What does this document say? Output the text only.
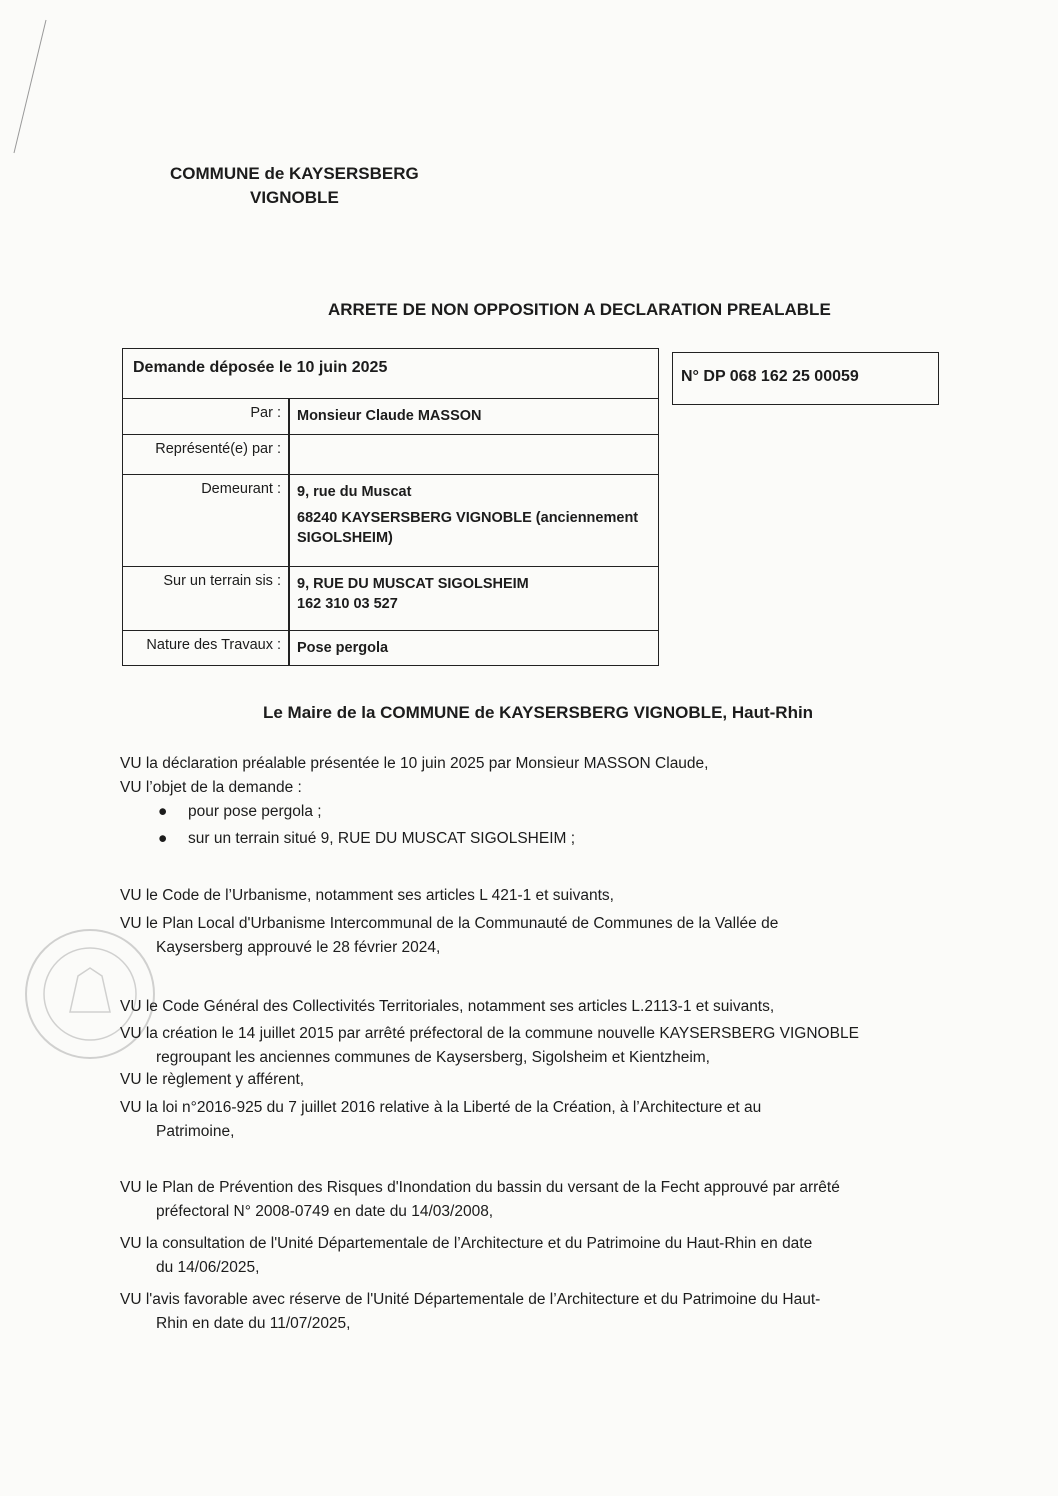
COMMUNE de KAYSERSBERG
VIGNOBLE
ARRETE DE NON OPPOSITION A DECLARATION PREALABLE
Demande déposée le 10 juin 2025
Par : Monsieur Claude MASSON
Représenté(e) par :
Demeurant : 9, rue du Muscat
68240 KAYSERSBERG VIGNOBLE (anciennement SIGOLSHEIM)
Sur un terrain sis : 9, RUE DU MUSCAT SIGOLSHEIM
162 310 03 527
Nature des Travaux : Pose pergola
N° DP 068 162 25 00059
Le Maire de la COMMUNE de KAYSERSBERG VIGNOBLE, Haut-Rhin
VU la déclaration préalable présentée le 10 juin 2025 par Monsieur MASSON Claude,
VU l’objet de la demande :
● pour pose pergola ;
● sur un terrain situé 9, RUE DU MUSCAT SIGOLSHEIM ;
VU le Code de l’Urbanisme, notamment ses articles L 421-1 et suivants,
VU le Plan Local d'Urbanisme Intercommunal de la Communauté de Communes de la Vallée de
Kaysersberg approuvé le 28 février 2024,
VU le Code Général des Collectivités Territoriales, notamment ses articles L.2113-1 et suivants,
VU la création le 14 juillet 2015 par arrêté préfectoral de la commune nouvelle KAYSERSBERG VIGNOBLE
regroupant les anciennes communes de Kaysersberg, Sigolsheim et Kientzheim,
VU le règlement y afférent,
VU la loi n°2016-925 du 7 juillet 2016 relative à la Liberté de la Création, à l’Architecture et au
Patrimoine,
VU le Plan de Prévention des Risques d'Inondation du bassin du versant de la Fecht approuvé par arrêté
préfectoral N° 2008-0749 en date du 14/03/2008,
VU la consultation de l'Unité Départementale de l’Architecture et du Patrimoine du Haut-Rhin en date
du 14/06/2025,
VU l'avis favorable avec réserve de l'Unité Départementale de l’Architecture et du Patrimoine du Haut-
Rhin en date du 11/07/2025,
